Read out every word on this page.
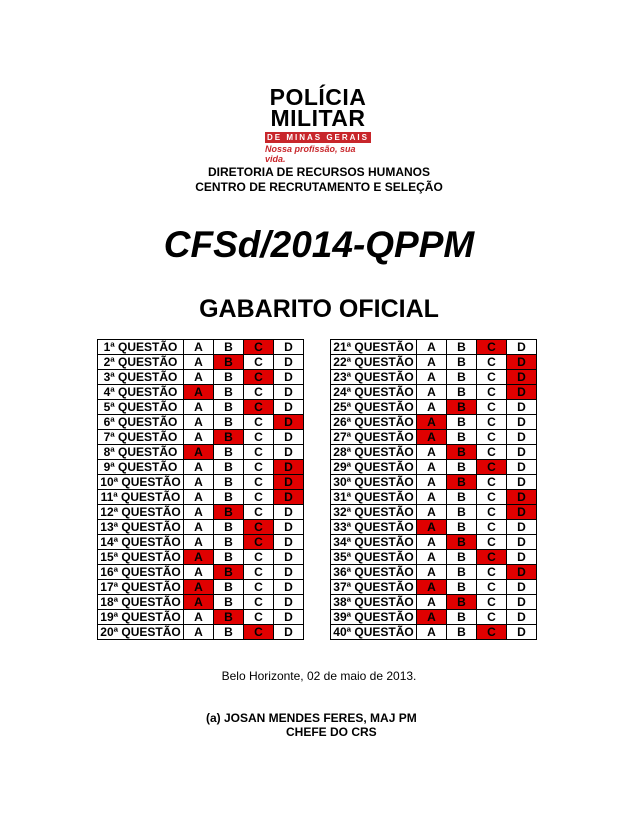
POLÍCIA
MILITAR
DE MINAS GERAIS
Nossa profissão, sua vida.
DIRETORIA DE RECURSOS HUMANOS
CENTRO DE RECRUTAMENTO E SELEÇÃO
CFSd/2014-QPPM
GABARITO OFICIAL
1ª QUESTÃO	A	B	C	D
2ª QUESTÃO	A	B	C	D
3ª QUESTÃO	A	B	C	D
4ª QUESTÃO	A	B	C	D
5ª QUESTÃO	A	B	C	D
6ª QUESTÃO	A	B	C	D
7ª QUESTÃO	A	B	C	D
8ª QUESTÃO	A	B	C	D
9ª QUESTÃO	A	B	C	D
10ª QUESTÃO	A	B	C	D
11ª QUESTÃO	A	B	C	D
12ª QUESTÃO	A	B	C	D
13ª QUESTÃO	A	B	C	D
14ª QUESTÃO	A	B	C	D
15ª QUESTÃO	A	B	C	D
16ª QUESTÃO	A	B	C	D
17ª QUESTÃO	A	B	C	D
18ª QUESTÃO	A	B	C	D
19ª QUESTÃO	A	B	C	D
20ª QUESTÃO	A	B	C	D
21ª QUESTÃO	A	B	C	D
22ª QUESTÃO	A	B	C	D
23ª QUESTÃO	A	B	C	D
24ª QUESTÃO	A	B	C	D
25ª QUESTÃO	A	B	C	D
26ª QUESTÃO	A	B	C	D
27ª QUESTÃO	A	B	C	D
28ª QUESTÃO	A	B	C	D
29ª QUESTÃO	A	B	C	D
30ª QUESTÃO	A	B	C	D
31ª QUESTÃO	A	B	C	D
32ª QUESTÃO	A	B	C	D
33ª QUESTÃO	A	B	C	D
34ª QUESTÃO	A	B	C	D
35ª QUESTÃO	A	B	C	D
36ª QUESTÃO	A	B	C	D
37ª QUESTÃO	A	B	C	D
38ª QUESTÃO	A	B	C	D
39ª QUESTÃO	A	B	C	D
40ª QUESTÃO	A	B	C	D
Belo Horizonte, 02 de maio de 2013.
(a) JOSAN MENDES FERES, MAJ PM
CHEFE DO CRS
